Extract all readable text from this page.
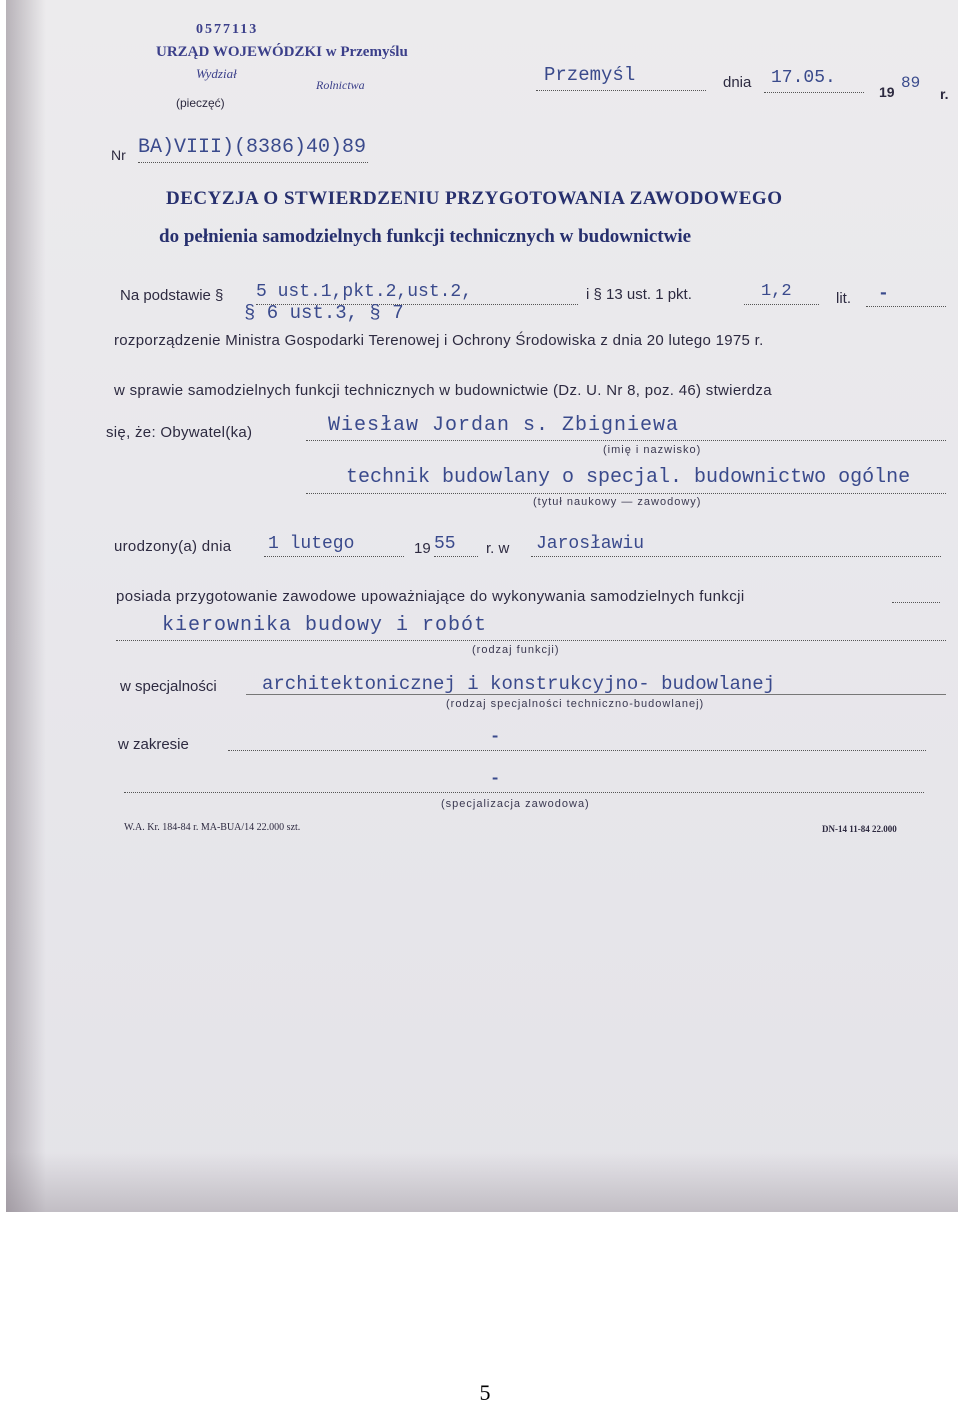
0577113
URZĄD WOJEWÓDZKI w Przemyślu
Wydział
Rolnictwa
(pieczęć)
Przemyśl	dnia 17.05.
19 89
r.
Nr BA)VIII)(8386)40)89
DECYZJA O STWIERDZENIU PRZYGOTOWANIA ZAWODOWEGO
do pełnienia samodzielnych funkcji technicznych w budownictwie
Na podstawie § 5 ust.1,pkt.2,ust.2,	i § 13 ust. 1 pkt.	1,2	lit. -
§ 6 ust.3, § 7
rozporządzenie Ministra Gospodarki Terenowej i Ochrony Środowiska z dnia 20 lutego 1975 r.
w sprawie samodzielnych funkcji technicznych w budownictwie (Dz. U. Nr 8, poz. 46) stwierdza
się, że: Obywatel(ka)	Wiesław Jordan s. Zbigniewa
(imię i nazwisko)
technik budowlany o specjal. budownictwo ogólne
(tytuł naukowy — zawodowy)
urodzony(a) dnia 1 lutego	19 55 r. w Jarosławiu
posiada przygotowanie zawodowe upoważniające do wykonywania samodzielnych funkcji
kierownika budowy i robót
(rodzaj funkcji)
w specjalności architektonicznej i konstrukcyjno- budowlanej
(rodzaj specjalności techniczno-budowlanej)
w zakresie	-
-
(specjalizacja zawodowa)
W.A. Kr. 184-84 r. MA-BUA/14 22.000 szt.	DN-14 11-84 22.000
5
